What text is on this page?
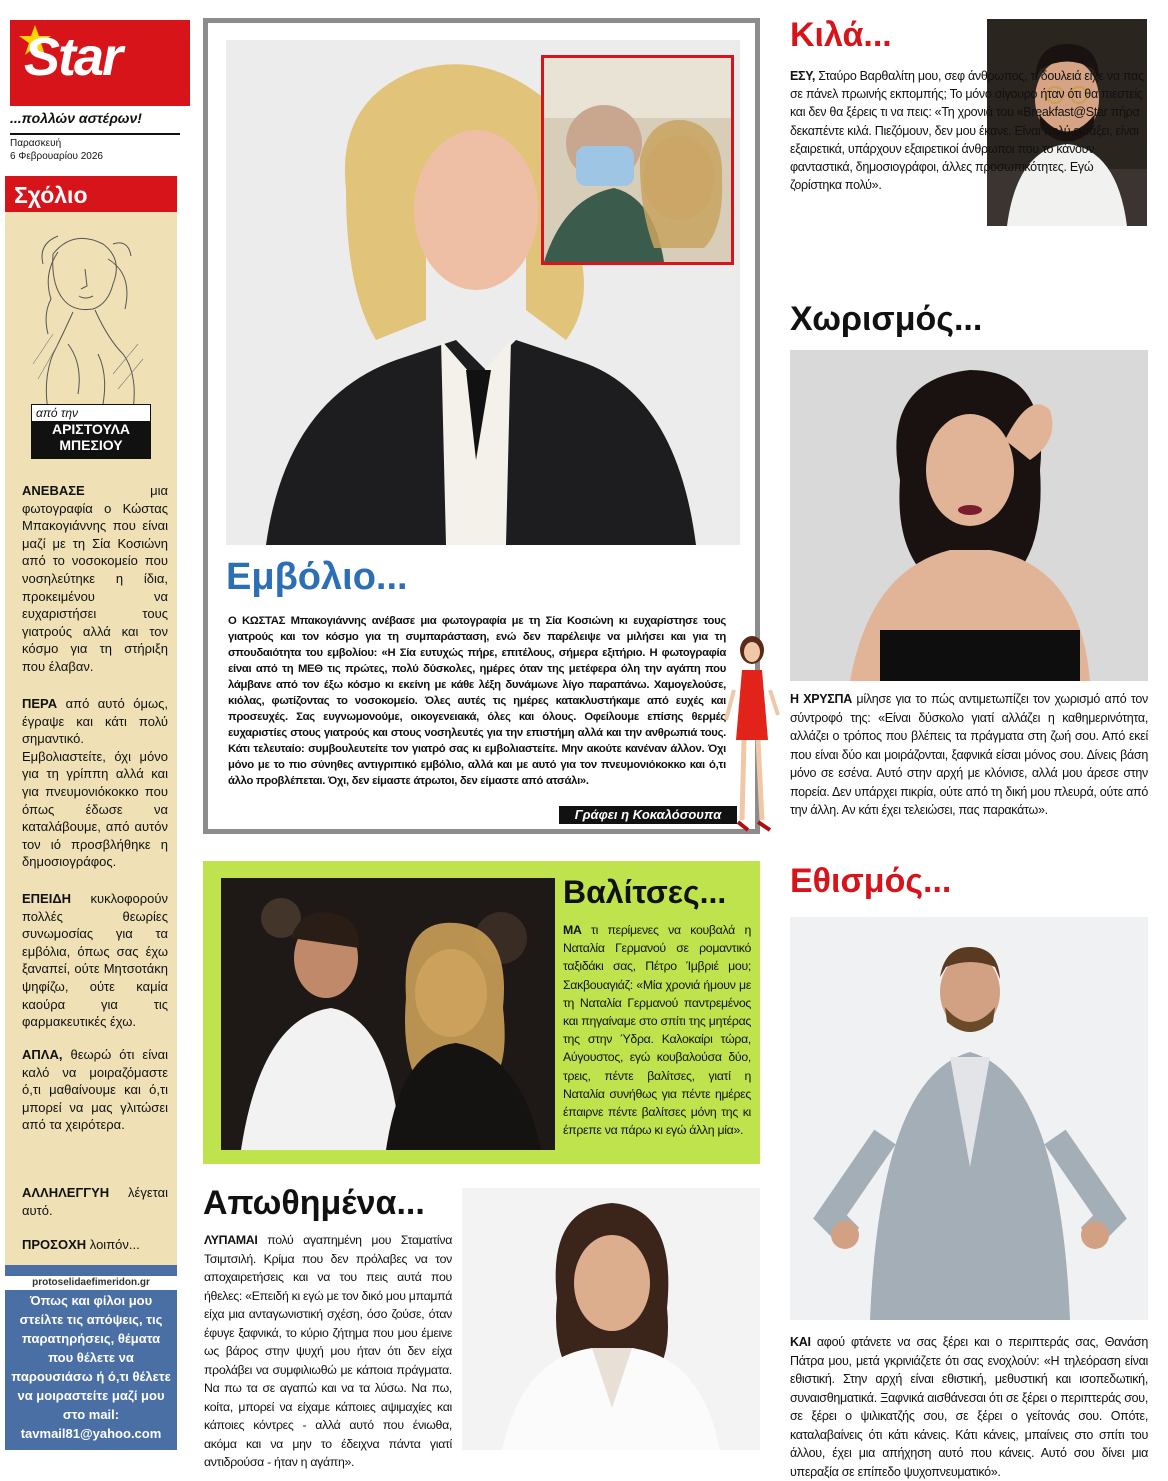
Star
...πολλών αστέρων!
Παρασκευή
6 Φεβρουαρίου 2026
Σχόλιο
από την
ΑΡΙΣΤΟΥΛΑ ΜΠΕΣΙΟΥ

ΑΝΕΒΑΣΕ μια φωτογραφία ο Κώστας Μπακογιάννης που είναι μαζί με τη Σία Κοσιώνη από το νοσοκομείο που νοσηλεύτηκε η ίδια, προκειμένου να ευχαριστήσει τους γιατρούς αλλά και τον κόσμο για τη στήριξη που έλαβαν.

ΠΕΡΑ από αυτό όμως, έγραψε και κάτι πολύ σημαντικό. Εμβολιαστείτε, όχι μόνο για τη γρίππη αλλά και για πνευμονιόκοκκο που όπως έδωσε να καταλάβουμε, από αυτόν τον ιό προσβλήθηκε η δημοσιογράφος.

ΕΠΕΙΔΗ κυκλοφορούν πολλές θεωρίες συνωμοσίας για τα εμβόλια, όπως σας έχω ξαναπεί, ούτε Μητσοτάκη ψηφίζω, ούτε καμία καούρα για τις φαρμακευτικές έχω.

ΑΠΛΑ, θεωρώ ότι είναι καλό να μοιραζόμαστε ό,τι μαθαίνουμε και ό,τι μπορεί να μας γλιτώσει από τα χειρότερα.

ΑΛΛΗΛΕΓΓΥΗ λέγεται αυτό.

ΠΡΟΣΟΧΗ λοιπόν...

protoselidaefimeridon.gr
Όπως και φίλοι μου στείλτε τις απόψεις, τις παρατηρήσεις, θέματα που θέλετε να παρουσιάσω ή ό,τι θέλετε να μοιραστείτε μαζί μου στο mail: tavmail81@yahoo.com
Εμβόλιο...
Ο ΚΩΣΤΑΣ Μπακογιάννης ανέβασε μια φωτογραφία με τη Σία Κοσιώνη κι ευχαρίστησε τους γιατρούς και τον κόσμο για τη συμπαράσταση, ενώ δεν παρέλειψε να μιλήσει και για τη σπουδαιότητα του εμβολίου: «Η Σία ευτυχώς πήρε, επιτέλους, σήμερα εξιτήριο. Η φωτογραφία είναι από τη ΜΕΘ τις πρώτες, πολύ δύσκολες, ημέρες όταν της μετέφερα όλη την αγάπη που λάμβανε από τον έξω κόσμο κι εκείνη με κάθε λέξη δυνάμωνε λίγο παραπάνω. Χαμογελούσε, κιόλας, φωτίζοντας το νοσοκομείο. Όλες αυτές τις ημέρες κατακλυστήκαμε από ευχές και προσευχές. Σας ευγνωμονούμε, οικογενειακά, όλες και όλους. Οφείλουμε επίσης θερμές ευχαριστίες στους γιατρούς και στους νοσηλευτές για την επιστήμη αλλά και την ανθρωπιά τους. Κάτι τελευταίο: συμβουλευτείτε τον γιατρό σας κι εμβολιαστείτε. Μην ακούτε κανέναν άλλον. Όχι μόνο με το πιο σύνηθες αντιγριπικό εμβόλιο, αλλά και με αυτό για τον πνευμονιόκοκκο και ό,τι άλλο προβλέπεται. Όχι, δεν είμαστε άτρωτοι, δεν είμαστε από ατσάλι».
Γράφει η Κοκαλόσουπα
Βαλίτσες...
ΜΑ τι περίμενες να κουβαλά η Ναταλία Γερμανού σε ρομαντικό ταξιδάκι σας, Πέτρο Ίμβριέ μου; Σακβουαγιάζ: «Μία χρονιά ήμουν με τη Ναταλία Γερμανού παντρεμένος και πηγαίναμε στο σπίτι της μητέρας της στην Ύδρα. Καλοκαίρι τώρα, Αύγουστος, εγώ κουβαλούσα δύο, τρεις, πέντε βαλίτσες, γιατί η Ναταλία συνήθως για πέντε ημέρες έπαιρνε πέντε βαλίτσες μόνη της κι έπρεπε να πάρω κι εγώ άλλη μία».
Απωθημένα...
ΛΥΠΑΜΑΙ πολύ αγαπημένη μου Σταματίνα Τσιμτσιλή. Κρίμα που δεν πρόλαβες να τον αποχαιρετήσεις και να του πεις αυτά που ήθελες: «Επειδή κι εγώ με τον δικό μου μπαμπά είχα μια ανταγωνιστική σχέση, όσο ζούσε, όταν έφυγε ξαφνικά, το κύριο ζήτημα που μου έμεινε ως βάρος στην ψυχή μου ήταν ότι δεν είχα προλάβει να συμφιλιωθώ με κάποια πράγματα. Να πω τα σε αγαπώ και να τα λύσω. Να πω, κοίτα, μπορεί να είχαμε κάποιες αψιμαχίες και κάποιες κόντρες - αλλά αυτό που ένιωθα, ακόμα και να μην το έδειχνα πάντα γιατί αντιδρούσα - ήταν η αγάπη».
Κιλά...
ΕΣΥ, Σταύρο Βαρθαλίτη μου, σεφ άνθρωπος, τι δουλειά είχε να πας σε πάνελ πρωινής εκπομπής; Το μόνο σίγουρο ήταν ότι θα πιεστείς και δεν θα ξέρεις τι να πεις: «Τη χρονιά του «Breakfast@Star πήρα δεκαπέντε κιλά. Πιεζόμουν, δεν μου έκανε. Είναι πολύ εντάξει, είναι εξαιρετικά, υπάρχουν εξαιρετικοί άνθρωποι που το κάνουν φανταστικά, δημοσιογράφοι, άλλες προσωπικότητες. Εγώ ζορίστηκα πολύ».
Χωρισμός...
Η ΧΡΥΣΠΑ μίλησε για το πώς αντιμετωπίζει τον χωρισμό από τον σύντροφό της: «Είναι δύσκολο γιατί αλλάζει η καθημερινότητα, αλλάζει ο τρόπος που βλέπεις τα πράγματα στη ζωή σου. Από εκεί που είναι δύο και μοιράζονται, ξαφνικά είσαι μόνος σου. Δίνεις βάση μόνο σε εσένα. Αυτό στην αρχή με κλόνισε, αλλά μου άρεσε στην πορεία. Δεν υπάρχει πικρία, ούτε από τη δική μου πλευρά, ούτε από την άλλη. Αν κάτι έχει τελειώσει, πας παρακάτω».
Εθισμός...
ΚΑΙ αφού φτάνετε να σας ξέρει και ο περιπτεράς σας, Θανάση Πάτρα μου, μετά γκρινιάζετε ότι σας ενοχλούν: «Η τηλεόραση είναι εθιστική. Στην αρχή είναι εθιστική, μεθυστική και ισοπεδωτική, συναισθηματικά. Ξαφνικά αισθάνεσαι ότι σε ξέρει ο περιπτεράς σου, σε ξέρει ο ψιλικατζής σου, σε ξέρει ο γείτονάς σου. Οπότε, καταλαβαίνεις ότι κάτι κάνεις. Κάτι κάνεις, μπαίνεις στο σπίτι του άλλου, έχει μια απήχηση αυτό που κάνεις. Αυτό σου δίνει μια υπεραξία σε επίπεδο ψυχοπνευματικό».
